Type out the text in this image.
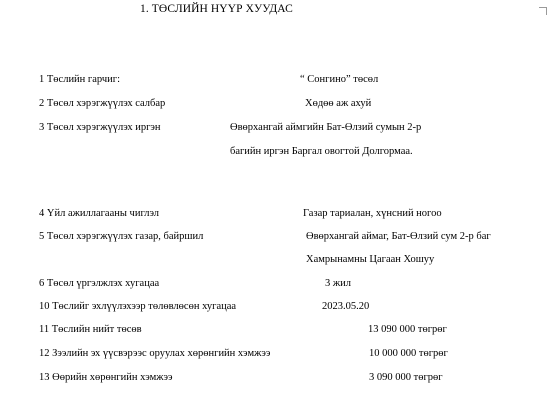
1. ТӨСЛИЙН НҮҮР ХУУДАС
1 Төслийн гарчиг:	“ Сонгино” төсөл
2 Төсөл хэрэгжүүлэх салбар	Хөдөө аж ахуй
3 Төсөл хэрэгжүүлэх иргэн	Өвөрхангай аймгийн Бат-Өлзий сумын 2-р
багийн иргэн Баргал овогтой Долгормаа.
4 Үйл ажиллагааны чиглэл	Газар тариалан, хүнсний ногоо
5 Төсөл хэрэгжүүлэх газар, байршил	Өвөрхангай аймаг, Бат-Өлзий сум 2-р баг
Хамрынамны Цагаан Хошуу
6 Төсөл үргэлжлэх хугацаа	3 жил
10 Төслийг эхлүүлэхээр төлөвлөсөн хугацаа	2023.05.20
11 Төслийн нийт төсөв	13 090 000 төгрөг
12 Зээлийн эх үүсвэрээс оруулах хөрөнгийн хэмжээ	10 000 000 төгрөг
13 Өөрийн хөрөнгийн хэмжээ	3 090 000 төгрөг
